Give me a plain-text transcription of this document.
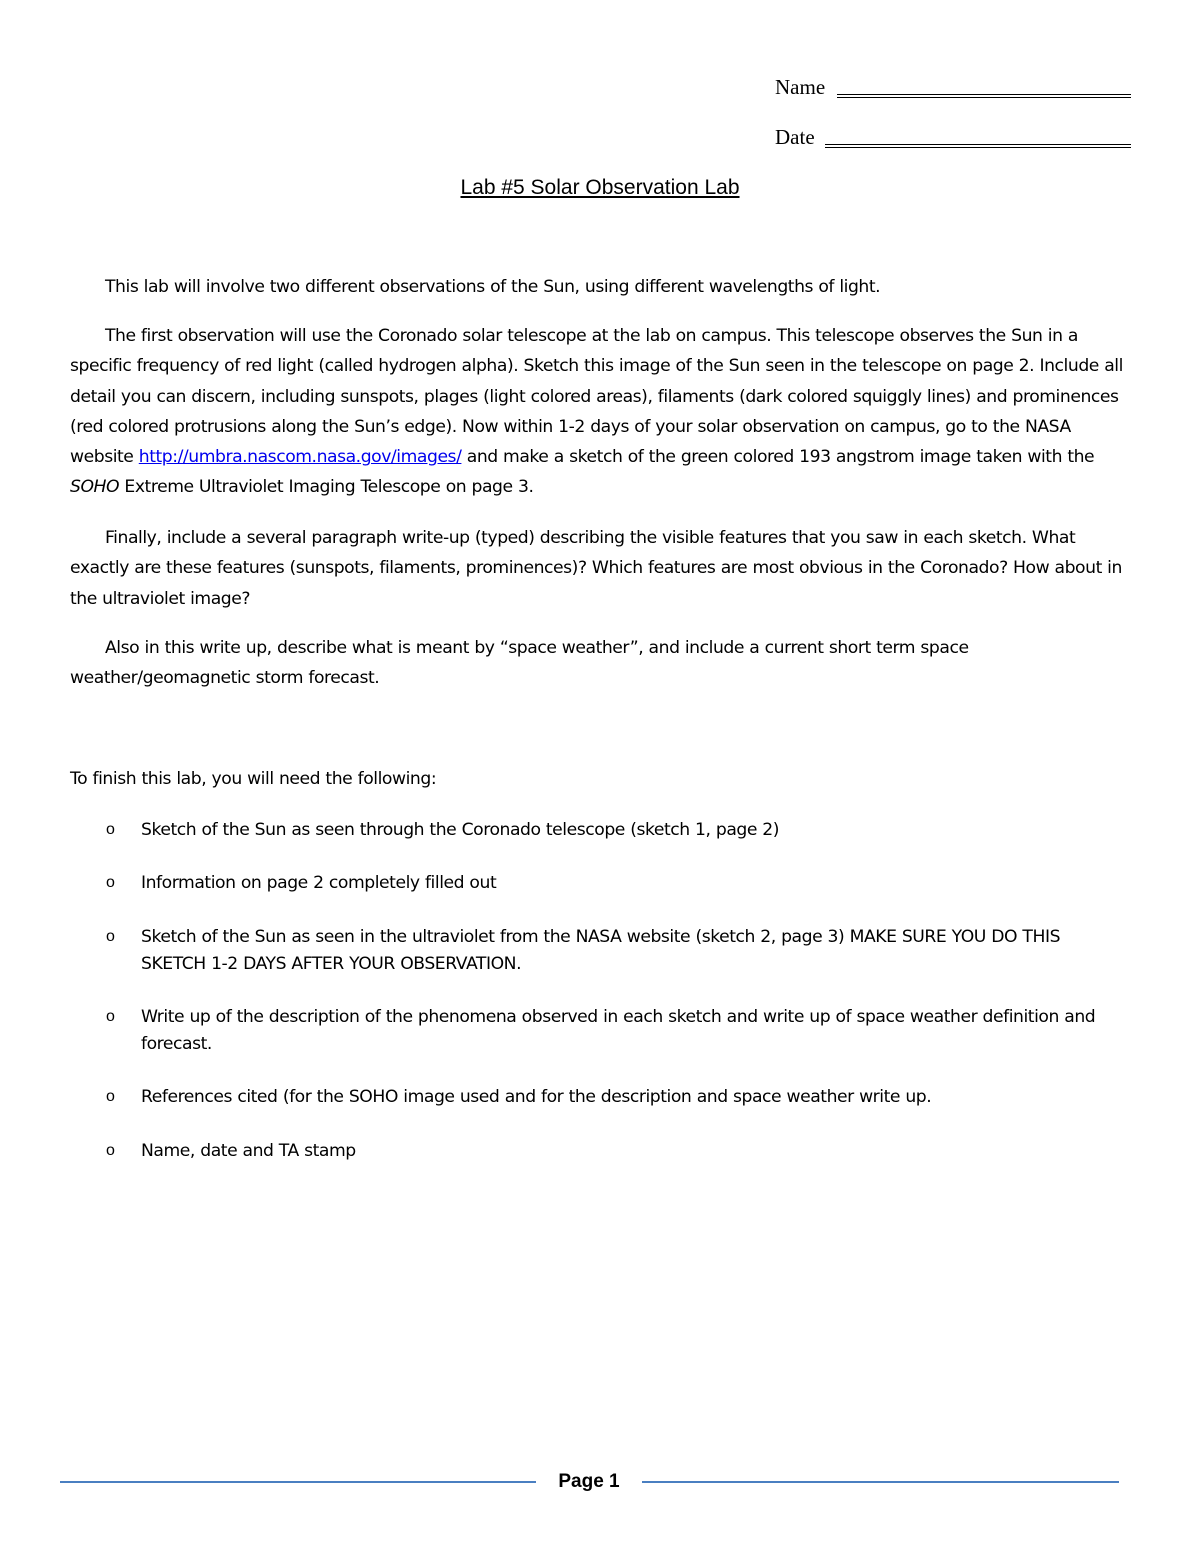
Name
Date
Lab #5 Solar Observation Lab

This lab will involve two different observations of the Sun, using different wavelengths of light.

The first observation will use the Coronado solar telescope at the lab on campus. This telescope observes the Sun in a specific frequency of red light (called hydrogen alpha). Sketch this image of the Sun seen in the telescope on page 2. Include all detail you can discern, including sunspots, plages (light colored areas), filaments (dark colored squiggly lines) and prominences (red colored protrusions along the Sun’s edge). Now within 1-2 days of your solar observation on campus, go to the NASA website http://umbra.nascom.nasa.gov/images/ and make a sketch of the green colored 193 angstrom image taken with the SOHO Extreme Ultraviolet Imaging Telescope on page 3.

Finally, include a several paragraph write-up (typed) describing the visible features that you saw in each sketch. What exactly are these features (sunspots, filaments, prominences)? Which features are most obvious in the Coronado? How about in the ultraviolet image?

Also in this write up, describe what is meant by “space weather”, and include a current short term space weather/geomagnetic storm forecast.

To finish this lab, you will need the following:
o Sketch of the Sun as seen through the Coronado telescope (sketch 1, page 2)
o Information on page 2 completely filled out
o Sketch of the Sun as seen in the ultraviolet from the NASA website (sketch 2, page 3) MAKE SURE YOU DO THIS SKETCH 1-2 DAYS AFTER YOUR OBSERVATION.
o Write up of the description of the phenomena observed in each sketch and write up of space weather definition and forecast.
o References cited (for the SOHO image used and for the description and space weather write up.
o Name, date and TA stamp
Page 1
